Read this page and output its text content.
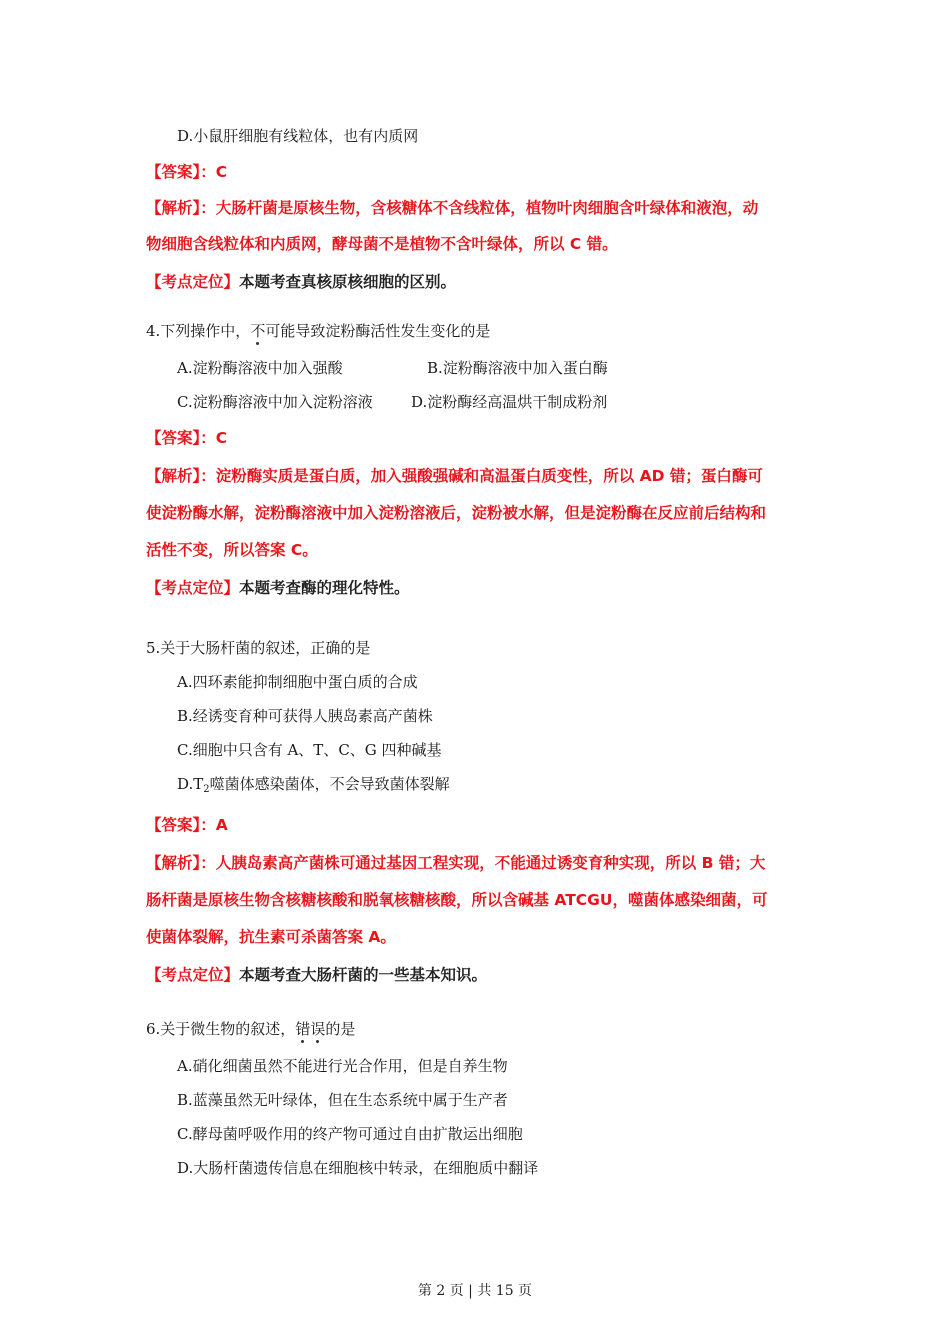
D.小鼠肝细胞有线粒体，也有内质网
【答案】：C
【解析】：大肠杆菌是原核生物，含核糖体不含线粒体，植物叶肉细胞含叶绿体和液泡，动
物细胞含线粒体和内质网，酵母菌不是植物不含叶绿体，所以 C 错。
【考点定位】本题考查真核原核细胞的区别。
4.下列操作中，不可能导致淀粉酶活性发生变化的是
A.淀粉酶溶液中加入强酸	B.淀粉酶溶液中加入蛋白酶
C.淀粉酶溶液中加入淀粉溶液	D.淀粉酶经高温烘干制成粉剂
【答案】：C
【解析】：淀粉酶实质是蛋白质，加入强酸强碱和高温蛋白质变性，所以 AD 错；蛋白酶可
使淀粉酶水解，淀粉酶溶液中加入淀粉溶液后，淀粉被水解，但是淀粉酶在反应前后结构和
活性不变，所以答案 C。
【考点定位】本题考查酶的理化特性。
5.关于大肠杆菌的叙述，正确的是
A.四环素能抑制细胞中蛋白质的合成
B.经诱变育种可获得人胰岛素高产菌株
C.细胞中只含有 A、T、C、G 四种碱基
$D.T_2$噬菌体感染菌体，不会导致菌体裂解
【答案】：A
【解析】：人胰岛素高产菌株可通过基因工程实现，不能通过诱变育种实现，所以 B 错；大
肠杆菌是原核生物含核糖核酸和脱氧核糖核酸，所以含碱基 ATCGU，噬菌体感染细菌，可
使菌体裂解，抗生素可杀菌答案 A。
【考点定位】本题考查大肠杆菌的一些基本知识。
6.关于微生物的叙述，错误的是
A.硝化细菌虽然不能进行光合作用，但是自养生物
B.蓝藻虽然无叶绿体，但在生态系统中属于生产者
C.酵母菌呼吸作用的终产物可通过自由扩散运出细胞
D.大肠杆菌遗传信息在细胞核中转录，在细胞质中翻译
第 2 页 | 共 15 页
